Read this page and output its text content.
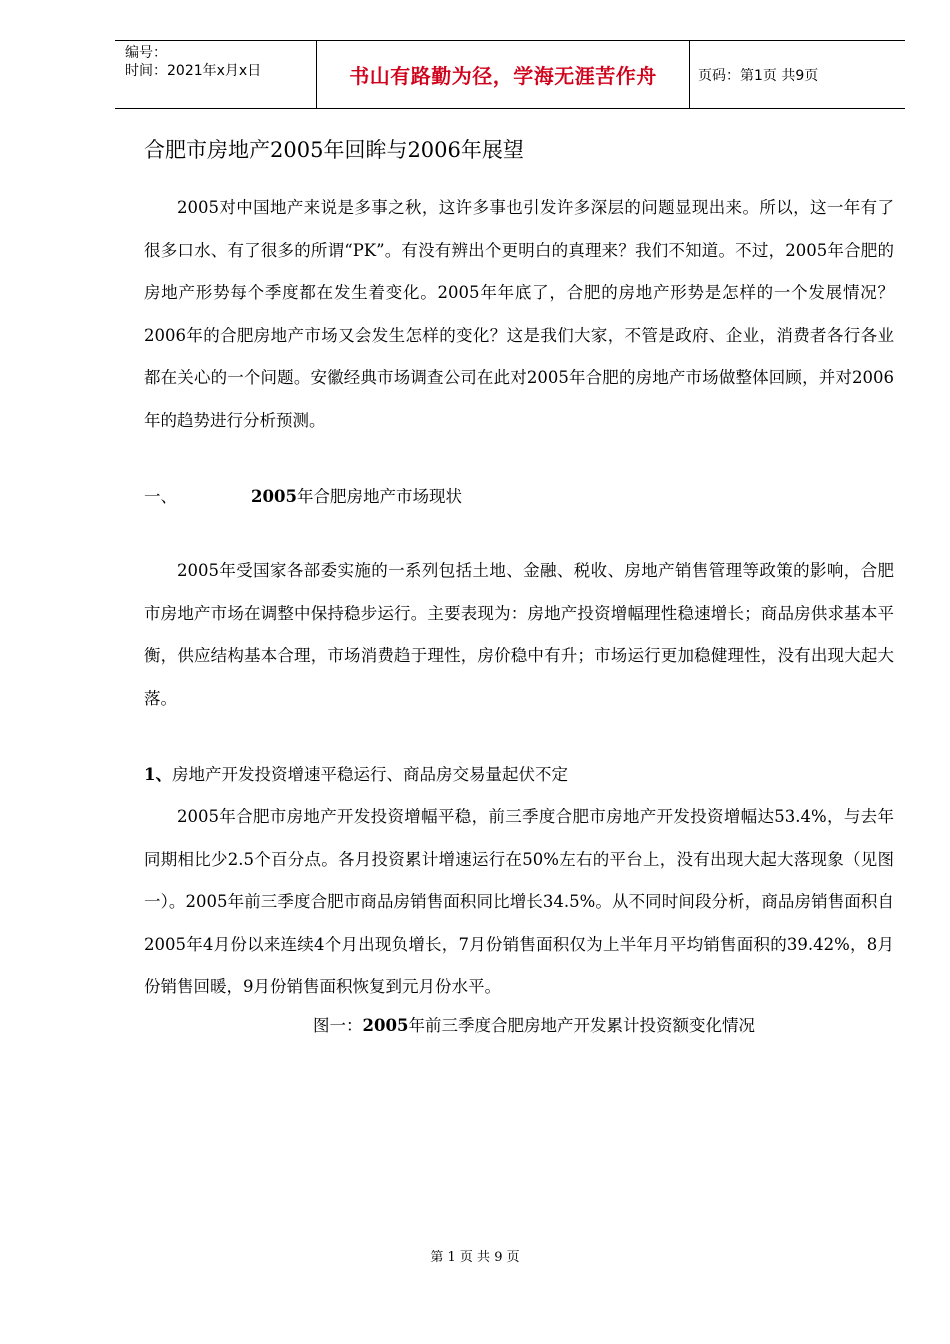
编号：
时间：2021年x月x日	书山有路勤为径，学海无涯苦作舟	页码：第1页 共9页
合肥市房地产2005年回眸与2006年展望

2005对中国地产来说是多事之秋，这许多事也引发许多深层的问题显现出来。所以，这一年有了很多口水、有了很多的所谓“PK”。有没有辨出个更明白的真理来？我们不知道。不过，2005年合肥的房地产形势每个季度都在发生着变化。2005年年底了，合肥的房地产形势是怎样的一个发展情况？2006年的合肥房地产市场又会发生怎样的变化？这是我们大家，不管是政府、企业，消费者各行各业都在关心的一个问题。安徽经典市场调查公司在此对2005年合肥的房地产市场做整体回顾，并对2006年的趋势进行分析预测。

一、	2005年合肥房地产市场现状

2005年受国家各部委实施的一系列包括土地、金融、税收、房地产销售管理等政策的影响，合肥市房地产市场在调整中保持稳步运行。主要表现为：房地产投资增幅理性稳速增长；商品房供求基本平衡，供应结构基本合理，市场消费趋于理性，房价稳中有升；市场运行更加稳健理性，没有出现大起大落。

1、房地产开发投资增速平稳运行、商品房交易量起伏不定

2005年合肥市房地产开发投资增幅平稳，前三季度合肥市房地产开发投资增幅达53.4%，与去年同期相比少2.5个百分点。各月投资累计增速运行在50%左右的平台上，没有出现大起大落现象（见图一）。2005年前三季度合肥市商品房销售面积同比增长34.5%。从不同时间段分析，商品房销售面积自2005年4月份以来连续4个月出现负增长，7月份销售面积仅为上半年月平均销售面积的39.42%，8月份销售回暖，9月份销售面积恢复到元月份水平。

图一：2005年前三季度合肥房地产开发累计投资额变化情况
第 1 页 共 9 页
